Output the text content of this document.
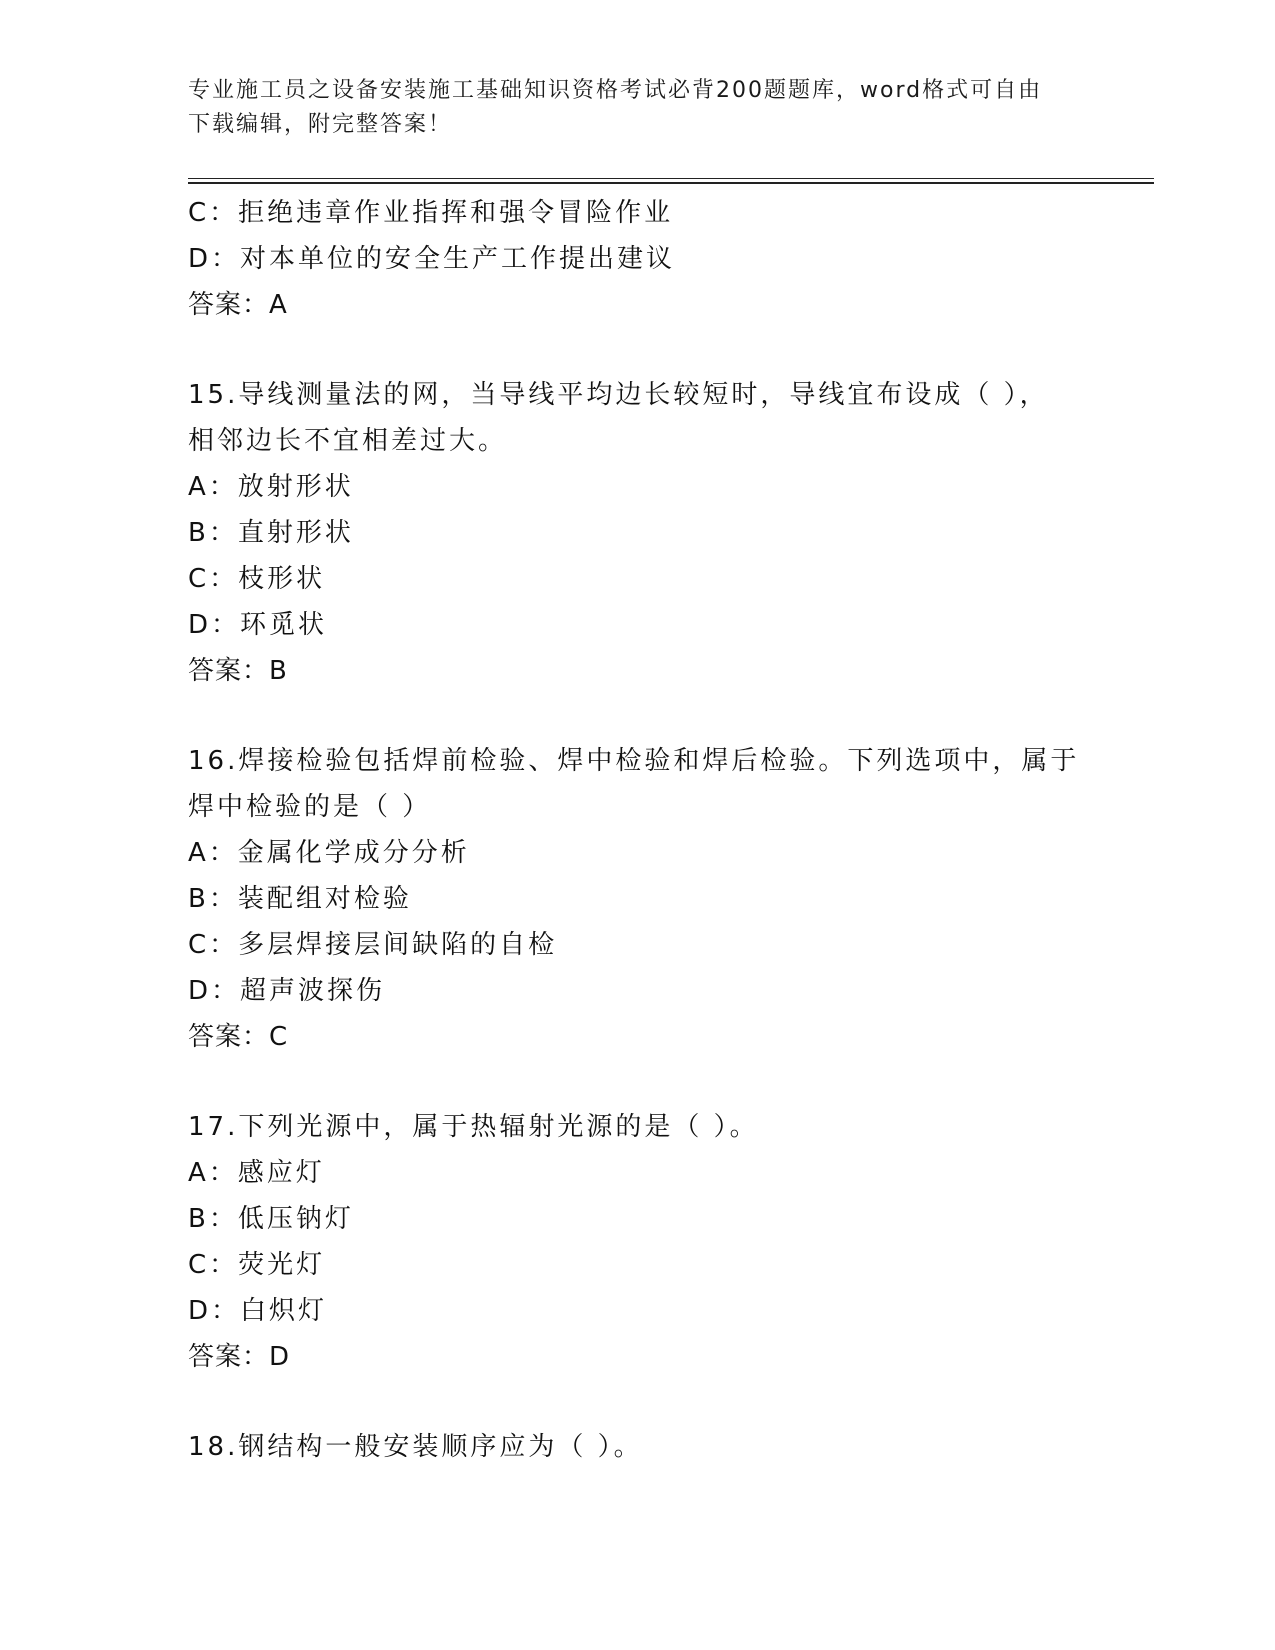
专业施工员之设备安装施工基础知识资格考试必背200题题库，word格式可自由
下载编辑，附完整答案！
C：拒绝违章作业指挥和强令冒险作业
D：对本单位的安全生产工作提出建议
答案：A
15.导线测量法的网，当导线平均边长较短时，导线宜布设成（ ），
相邻边长不宜相差过大。
A：放射形状
B：直射形状
C：枝形状
D：环觅状
答案：B
16.焊接检验包括焊前检验、焊中检验和焊后检验。下列选项中，属于
焊中检验的是（ ）
A：金属化学成分分析
B：装配组对检验
C：多层焊接层间缺陷的自检
D：超声波探伤
答案：C
17.下列光源中，属于热辐射光源的是（ ）。
A：感应灯
B：低压钠灯
C：荧光灯
D：白炽灯
答案：D
18.钢结构一般安装顺序应为（ ）。
